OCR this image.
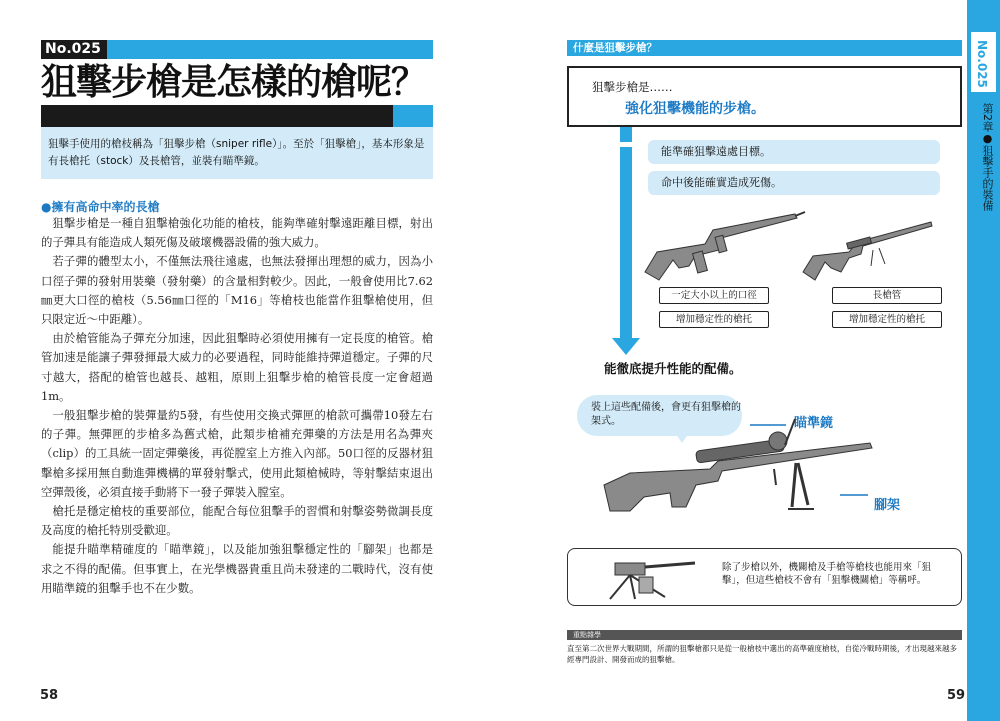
No.025
狙擊步槍是怎樣的槍呢？
狙擊手使用的槍枝稱為「狙擊步槍（sniper rifle）」。至於「狙擊槍」，基本形象是有長槍托（stock）及長槍管，並裝有瞄準鏡。
●擁有高命中率的長槍

狙擊步槍是一種自狙擊槍強化功能的槍枝，能夠準確射擊遠距離目標，射出的子彈具有能造成人類死傷及破壞機器設備的強大威力。

若子彈的體型太小，不僅無法飛往遠處，也無法發揮出理想的威力，因為小口徑子彈的發射用裝藥（發射藥）的含量相對較少。因此，一般會使用比7.62㎜更大口徑的槍枝（5.56㎜口徑的「M16」等槍枝也能當作狙擊槍使用，但只限定近～中距離）。

由於槍管能為子彈充分加速，因此狙擊時必須使用擁有一定長度的槍管。槍管加速是能讓子彈發揮最大威力的必要過程，同時能維持彈道穩定。子彈的尺寸越大，搭配的槍管也越長、越粗，原則上狙擊步槍的槍管長度一定會超過1m。

一般狙擊步槍的裝彈量約5發，有些使用交換式彈匣的槍款可攜帶10發左右的子彈。無彈匣的步槍多為舊式槍，此類步槍補充彈藥的方法是用名為彈夾（clip）的工具統一固定彈藥後，再從膛室上方推入內部。50口徑的反器材狙擊槍多採用無自動進彈機構的單發射擊式，使用此類槍械時，等射擊結束退出空彈殼後，必須直接手動將下一發子彈裝入膛室。

槍托是穩定槍枝的重要部位，能配合每位狙擊手的習慣和射擊姿勢微調長度及高度的槍托特別受歡迎。

能提升瞄準精確度的「瞄準鏡」，以及能加強狙擊穩定性的「腳架」也都是求之不得的配備。但事實上，在光學機器貴重且尚未發達的二戰時代，沒有使用瞄準鏡的狙擊手也不在少數。

58
什麼是狙擊步槍？
狙擊步槍是……
強化狙擊機能的步槍。
能準確狙擊遠處目標。
命中後能確實造成死傷。
一定大小以上的口徑
增加穩定性的槍托
長槍管
增加穩定性的槍托
能徹底提升性能的配備。
裝上這些配備後，會更有狙擊槍的架式。	瞄準鏡
腳架
除了步槍以外，機關槍及手槍等槍枝也能用來「狙擊」，但這些槍枝不會有「狙擊機關槍」等稱呼。
重點雜學
直至第二次世界大戰期間，所謂的狙擊槍都只是從一般槍枝中選出的高準確度槍枝，自從冷戰時期後，才出現越來越多經專門設計、開發而成的狙擊槍。
59
No.025
第2章●狙擊手的裝備
